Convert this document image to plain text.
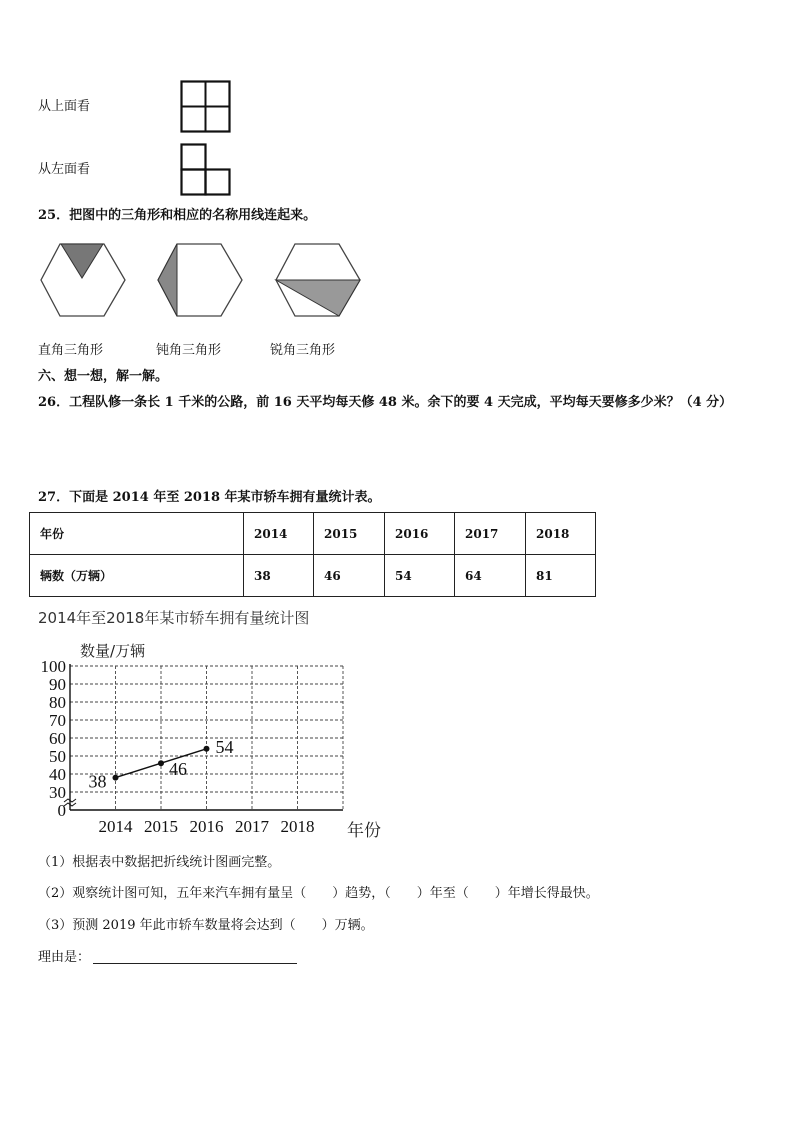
从上面看
从左面看
25．把图中的三角形和相应的名称用线连起来。
直角三角形	钝角三角形	锐角三角形
六、想一想，解一解。
26．工程队修一条长 1 千米的公路，前 16 天平均每天修 48 米。余下的要 4 天完成，平均每天要修多少米？（4 分）
27．下面是 2014 年至 2018 年某市轿车拥有量统计表。
年份	2014	2015	2016	2017	2018
辆数（万辆）	38	46	54	64	81
2014年至2018年某市轿车拥有量统计图
数量/万辆
0
30
40
50
60
70
80
90
100
2014 2015 2016 2017 2018 年份
38
46
54
（1）根据表中数据把折线统计图画完整。
（2）观察统计图可知，五年来汽车拥有量呈（　　）趋势，（　　）年至（　　）年增长得最快。
（3）预测 2019 年此市轿车数量将会达到（　　）万辆。
理由是：
